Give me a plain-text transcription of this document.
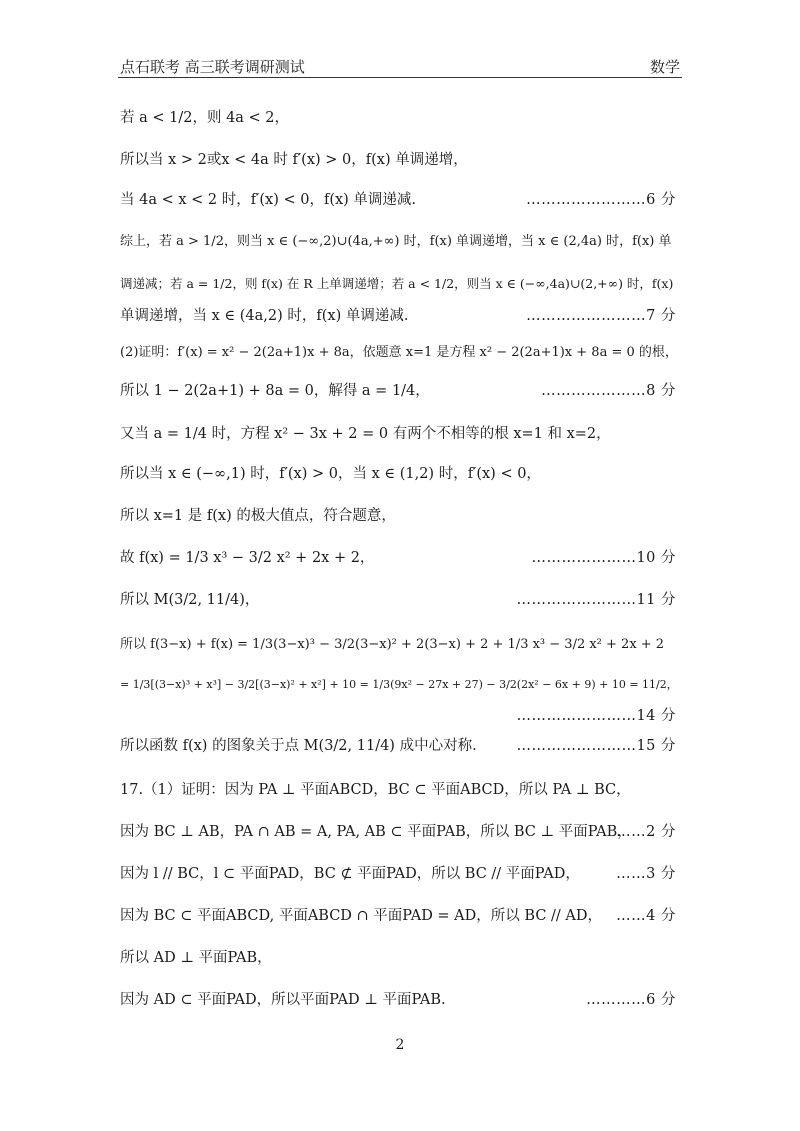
点石联考 高三联考调研测试	数学
若 a < 1/2，则 4a < 2，
所以当 x > 2或x < 4a 时 f′(x) > 0，f(x) 单调递增，
当 4a < x < 2 时，f′(x) < 0，f(x) 单调递减.	……………………6 分
综上，若 a > 1/2，则当 x ∈ (−∞,2)∪(4a,+∞) 时，f(x) 单调递增，当 x ∈ (2,4a) 时，f(x) 单
调递减；若 a = 1/2，则 f(x) 在 R 上单调递增；若 a < 1/2，则当 x ∈ (−∞,4a)∪(2,+∞) 时，f(x)
单调递增，当 x ∈ (4a,2) 时，f(x) 单调递减.	……………………7 分
(2)证明：f′(x) = x² − 2(2a+1)x + 8a，依题意 x=1 是方程 x² − 2(2a+1)x + 8a = 0 的根，
所以 1 − 2(2a+1) + 8a = 0，解得 a = 1/4，	…………………8 分
又当 a = 1/4 时，方程 x² − 3x + 2 = 0 有两个不相等的根 x=1 和 x=2，
所以当 x ∈ (−∞,1) 时，f′(x) > 0，当 x ∈ (1,2) 时，f′(x) < 0，
所以 x=1 是 f(x) 的极大值点，符合题意，
故 f(x) = 1/3 x³ − 3/2 x² + 2x + 2，	…………………10 分
所以 M(3/2, 11/4)，	……………………11 分
所以 f(3−x) + f(x) = 1/3(3−x)³ − 3/2(3−x)² + 2(3−x) + 2 + 1/3 x³ − 3/2 x² + 2x + 2
= 1/3[(3−x)³ + x³] − 3/2[(3−x)² + x²] + 10 = 1/3(9x² − 27x + 27) − 3/2(2x² − 6x + 9) + 10 = 11/2，
……………………14 分
所以函数 f(x) 的图象关于点 M(3/2, 11/4) 成中心对称.	……………………15 分
17.（1）证明：因为 PA ⊥ 平面ABCD，BC ⊂ 平面ABCD，所以 PA ⊥ BC，
因为 BC ⊥ AB，PA ∩ AB = A, PA, AB ⊂ 平面PAB，所以 BC ⊥ 平面PAB，
……2 分
因为 l // BC，l ⊂ 平面PAD，BC ⊄ 平面PAD，所以 BC // 平面PAD，	……3 分
因为 BC ⊂ 平面ABCD, 平面ABCD ∩ 平面PAD = AD，所以 BC // AD， ……4 分
所以 AD ⊥ 平面PAB，
因为 AD ⊂ 平面PAD，所以平面PAD ⊥ 平面PAB.	…………6 分
2
